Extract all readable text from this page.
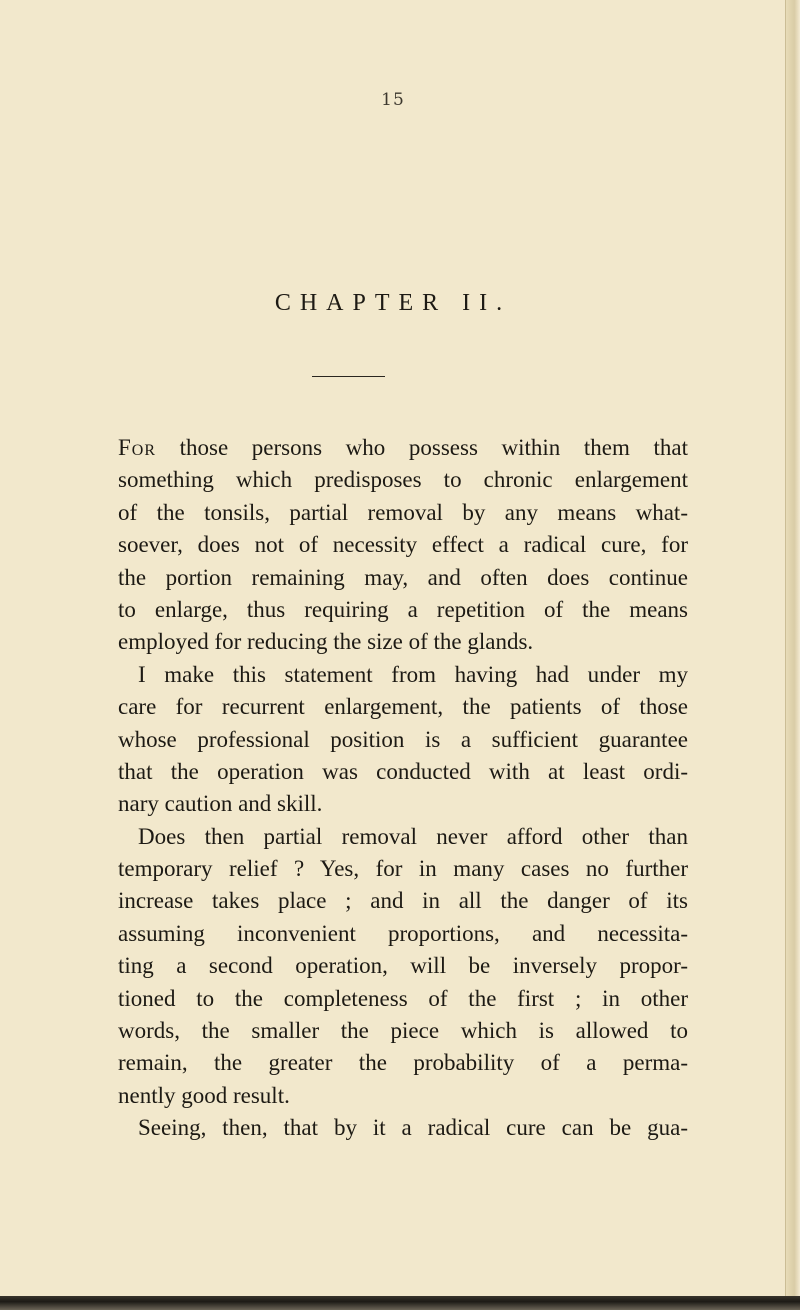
15
CHAPTER II.
For those persons who possess within them that
something which predisposes to chronic enlargement
of the tonsils, partial removal by any means what-
soever, does not of necessity effect a radical cure, for
the portion remaining may, and often does continue
to enlarge, thus requiring a repetition of the means
employed for reducing the size of the glands.
I make this statement from having had under my
care for recurrent enlargement, the patients of those
whose professional position is a sufficient guarantee
that the operation was conducted with at least ordi-
nary caution and skill.
Does then partial removal never afford other than
temporary relief ? Yes, for in many cases no further
increase takes place ; and in all the danger of its
assuming inconvenient proportions, and necessita-
ting a second operation, will be inversely propor-
tioned to the completeness of the first ; in other
words, the smaller the piece which is allowed to
remain, the greater the probability of a perma-
nently good result.
Seeing, then, that by it a radical cure can be gua-
